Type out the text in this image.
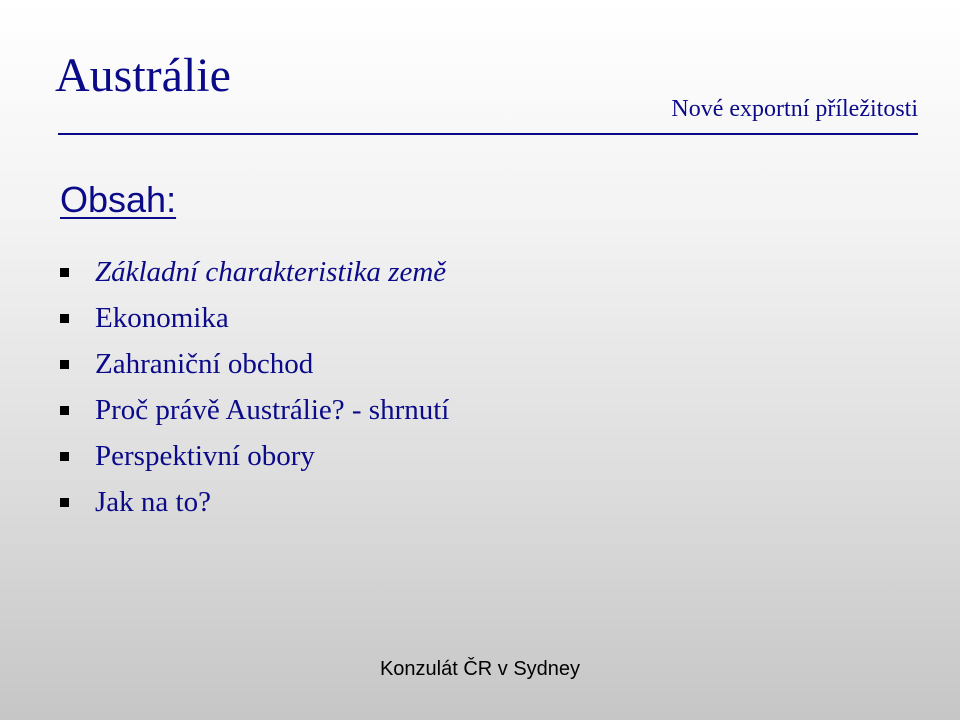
Austrálie
Nové exportní příležitosti
Obsah:
Základní charakteristika země
Ekonomika
Zahraniční obchod
Proč právě Austrálie? - shrnutí
Perspektivní obory
Jak na to?
Konzulát ČR v Sydney
